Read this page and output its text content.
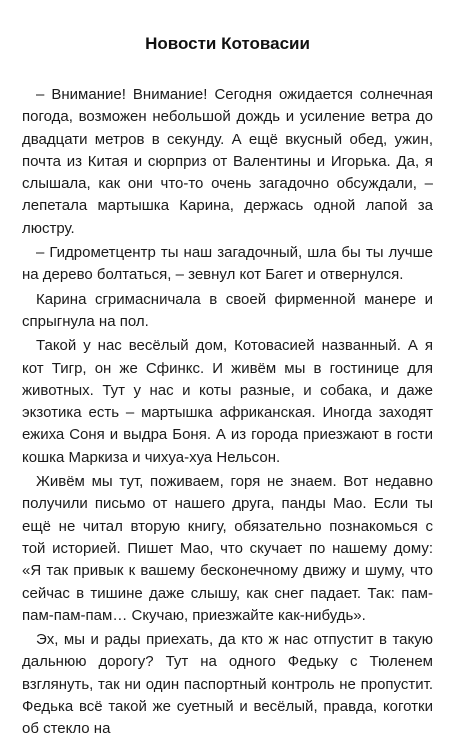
Новости Котовасии

– Внимание! Внимание! Сегодня ожидается солнечная погода, возможен небольшой дождь и усиление ветра до двадцати метров в секунду. А ещё вкусный обед, ужин, почта из Китая и сюрприз от Валентины и Игорька. Да, я слышала, как они что-то очень загадочно обсуждали, – лепетала мартышка Карина, держась одной лапой за люстру.

– Гидрометцентр ты наш загадочный, шла бы ты лучше на дерево болтаться, – зевнул кот Багет и отвернулся.

Карина сгримасничала в своей фирменной манере и спрыгнула на пол.

Такой у нас весёлый дом, Котовасией названный. А я кот Тигр, он же Сфинкс. И живём мы в гостинице для животных. Тут у нас и коты разные, и собака, и даже экзотика есть – мартышка африканская. Иногда заходят ежиха Соня и выдра Боня. А из города приезжают в гости кошка Маркиза и чихуа-хуа Нельсон.

Живём мы тут, поживаем, горя не знаем. Вот недавно получили письмо от нашего друга, панды Мао. Если ты ещё не читал вторую книгу, обязательно познакомься с той историей. Пишет Мао, что скучает по нашему дому: «Я так привык к вашему бесконечному движу и шуму, что сейчас в тишине даже слышу, как снег падает. Так: пам-пам-пам-пам… Скучаю, приезжайте как-нибудь».

Эх, мы и рады приехать, да кто ж нас отпустит в такую дальнюю дорогу? Тут на одного Федьку с Тюленем взглянуть, так ни один паспортный контроль не пропустит. Федька всё такой же суетный и весёлый, правда, коготки об стекло на
